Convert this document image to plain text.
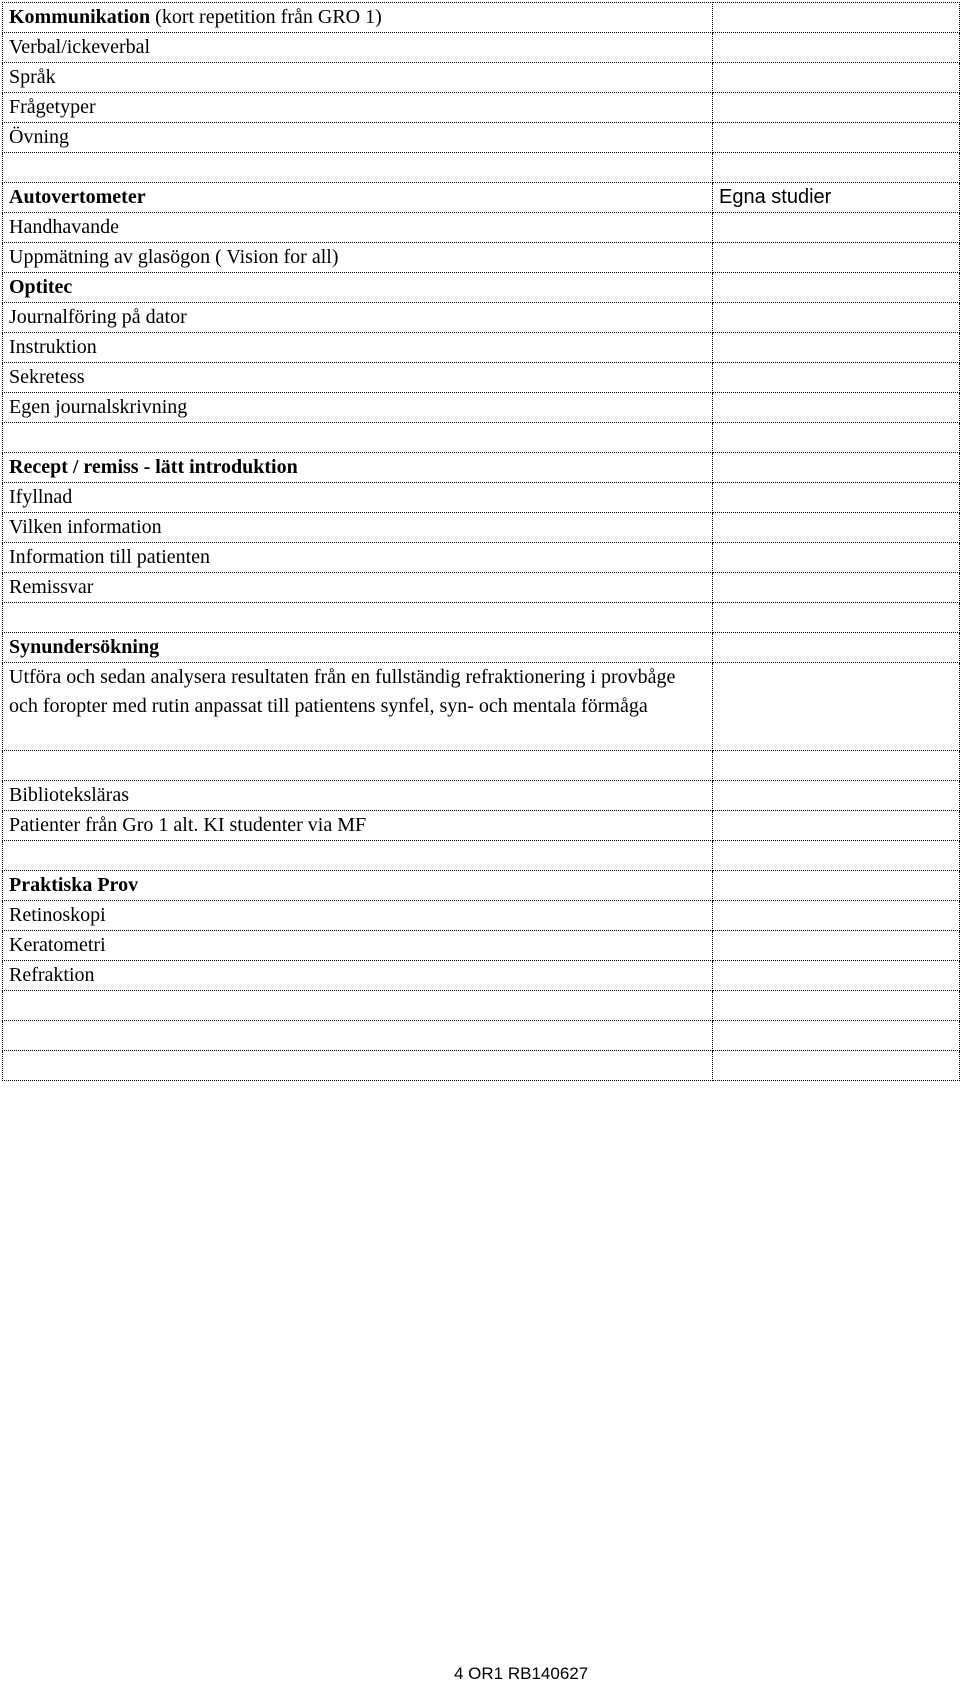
Kommunikation (kort repetition från GRO 1)	
Verbal/ickeverbal	
Språk	
Frågetyper	
Övning	

Autovertometer	Egna studier
Handhavande	
Uppmätning av glasögon ( Vision for all)	
Optitec	
Journalföring på dator	
Instruktion	
Sekretess	
Egen journalskrivning	

Recept / remiss - lätt introduktion	
Ifyllnad	
Vilken information	
Information till patienten	
Remissvar	

Synundersökning	
Utföra och sedan analysera resultaten från en fullständig refraktionering i provbåge och foropter med rutin anpassat till patientens synfel, syn- och mentala förmåga	

Biblioteksläras	
Patienter från Gro 1 alt. KI studenter via MF	

Praktiska Prov	
Retinoskopi	
Keratometri	
Refraktion	

4 OR1 RB140627
